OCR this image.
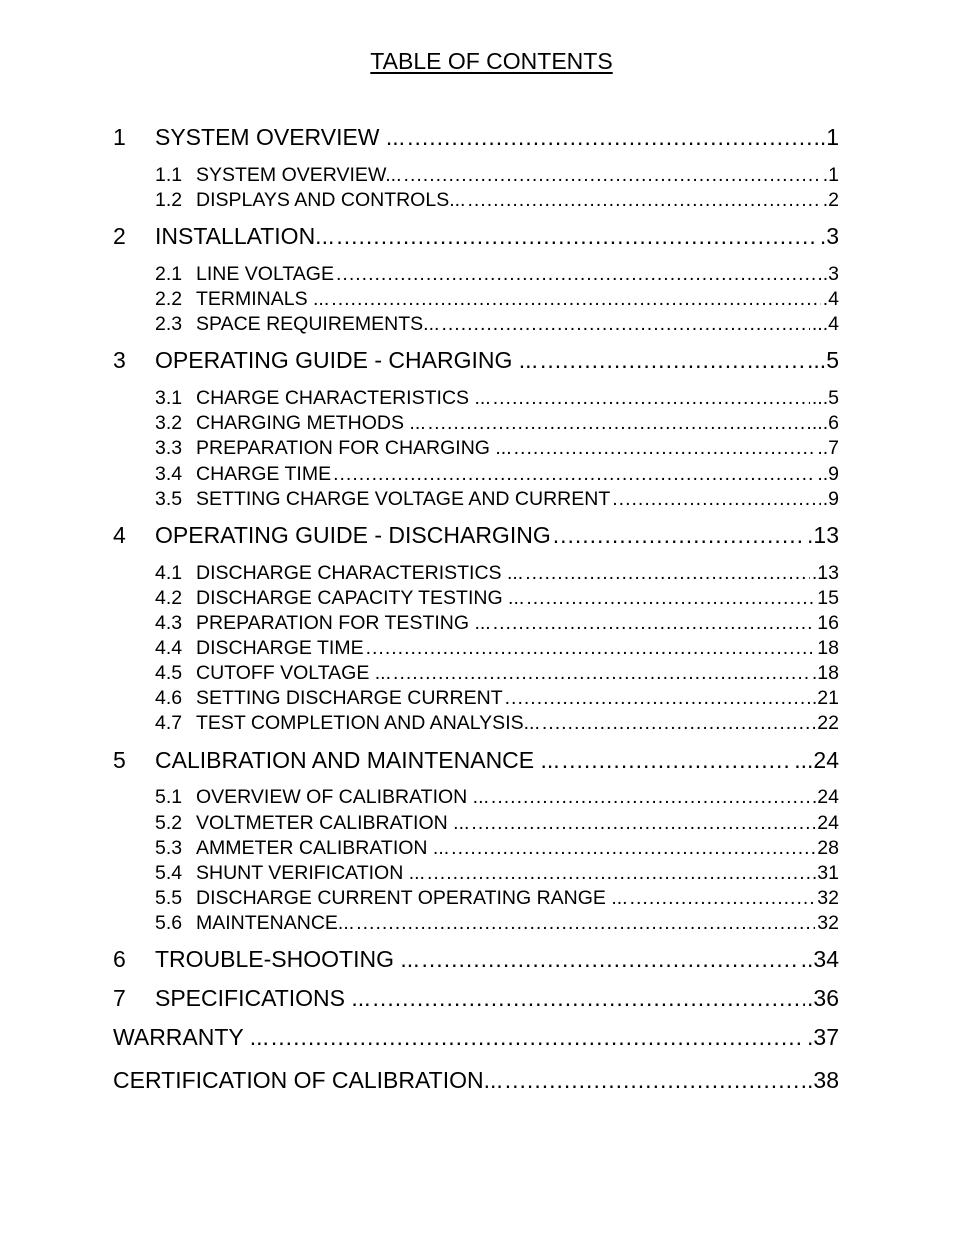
TABLE OF CONTENTS
1	SYSTEM OVERVIEW ... .....	.1
1.1 SYSTEM OVERVIEW... .....	.1
1.2 DISPLAYS AND CONTROLS... .....	.2
2	INSTALLATION... .....	.3
2.1 LINE VOLTAGE .....	.3
2.2 TERMINALS ... .....	.4
2.3 SPACE REQUIREMENTS... .....	...4
3	OPERATING GUIDE - CHARGING ... .....	...5
3.1 CHARGE CHARACTERISTICS ... .....	...5
3.2 CHARGING METHODS ... .....	...6
3.3 PREPARATION FOR CHARGING ... .....	..7
3.4 CHARGE TIME .....	..9
3.5 SETTING CHARGE VOLTAGE AND CURRENT .....	.9
4	OPERATING GUIDE - DISCHARGING .....	.13
4.1 DISCHARGE CHARACTERISTICS ... .....	.13
4.2 DISCHARGE CAPACITY TESTING ... .....	15
4.3 PREPARATION FOR TESTING ... .....	16
4.4 DISCHARGE TIME .....	18
4.5 CUTOFF VOLTAGE ... .....	.18
4.6 SETTING DISCHARGE CURRENT .....	.21
4.7 TEST COMPLETION AND ANALYSIS... .....	22
5	CALIBRATION AND MAINTENANCE ... .....	...24
5.1 OVERVIEW OF CALIBRATION ... .....	.24
5.2 VOLTMETER CALIBRATION ... .....	24
5.3 AMMETER CALIBRATION ... .....	28
5.4 SHUNT VERIFICATION ... .....	.31
5.5 DISCHARGE CURRENT OPERATING RANGE ... .....	32
5.6 MAINTENANCE... .....	32
6	TROUBLE-SHOOTING ... .....	..34
7	SPECIFICATIONS ... .....	.36
WARRANTY ... .....	.37
CERTIFICATION OF CALIBRATION... .....	..38
